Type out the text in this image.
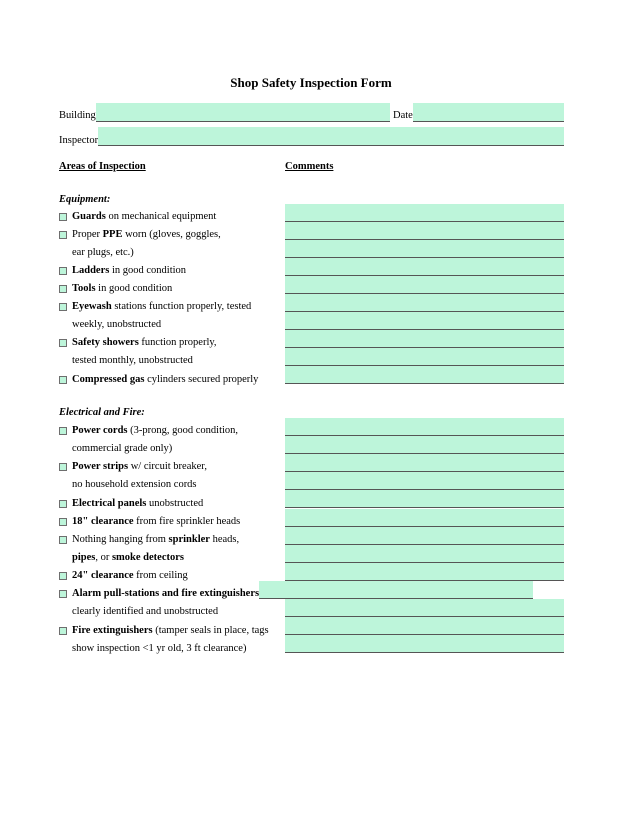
Shop Safety Inspection Form
Building	Date
Inspector
Areas of Inspection	Comments
Equipment:
Guards on mechanical equipment
Proper PPE worn (gloves, goggles,
ear plugs, etc.)
Ladders in good condition
Tools in good condition
Eyewash stations function properly, tested
weekly, unobstructed
Safety showers function properly,
tested monthly, unobstructed
Compressed gas cylinders secured properly
Electrical and Fire:
Power cords (3-prong, good condition,
commercial grade only)
Power strips w/ circuit breaker,
no household extension cords
Electrical panels unobstructed
18" clearance from fire sprinkler heads
Nothing hanging from sprinkler heads,
pipes, or smoke detectors
24" clearance from ceiling
Alarm pull-stations and fire extinguishers
clearly identified and unobstructed
Fire extinguishers (tamper seals in place, tags
show inspection <1 yr old, 3 ft clearance)
